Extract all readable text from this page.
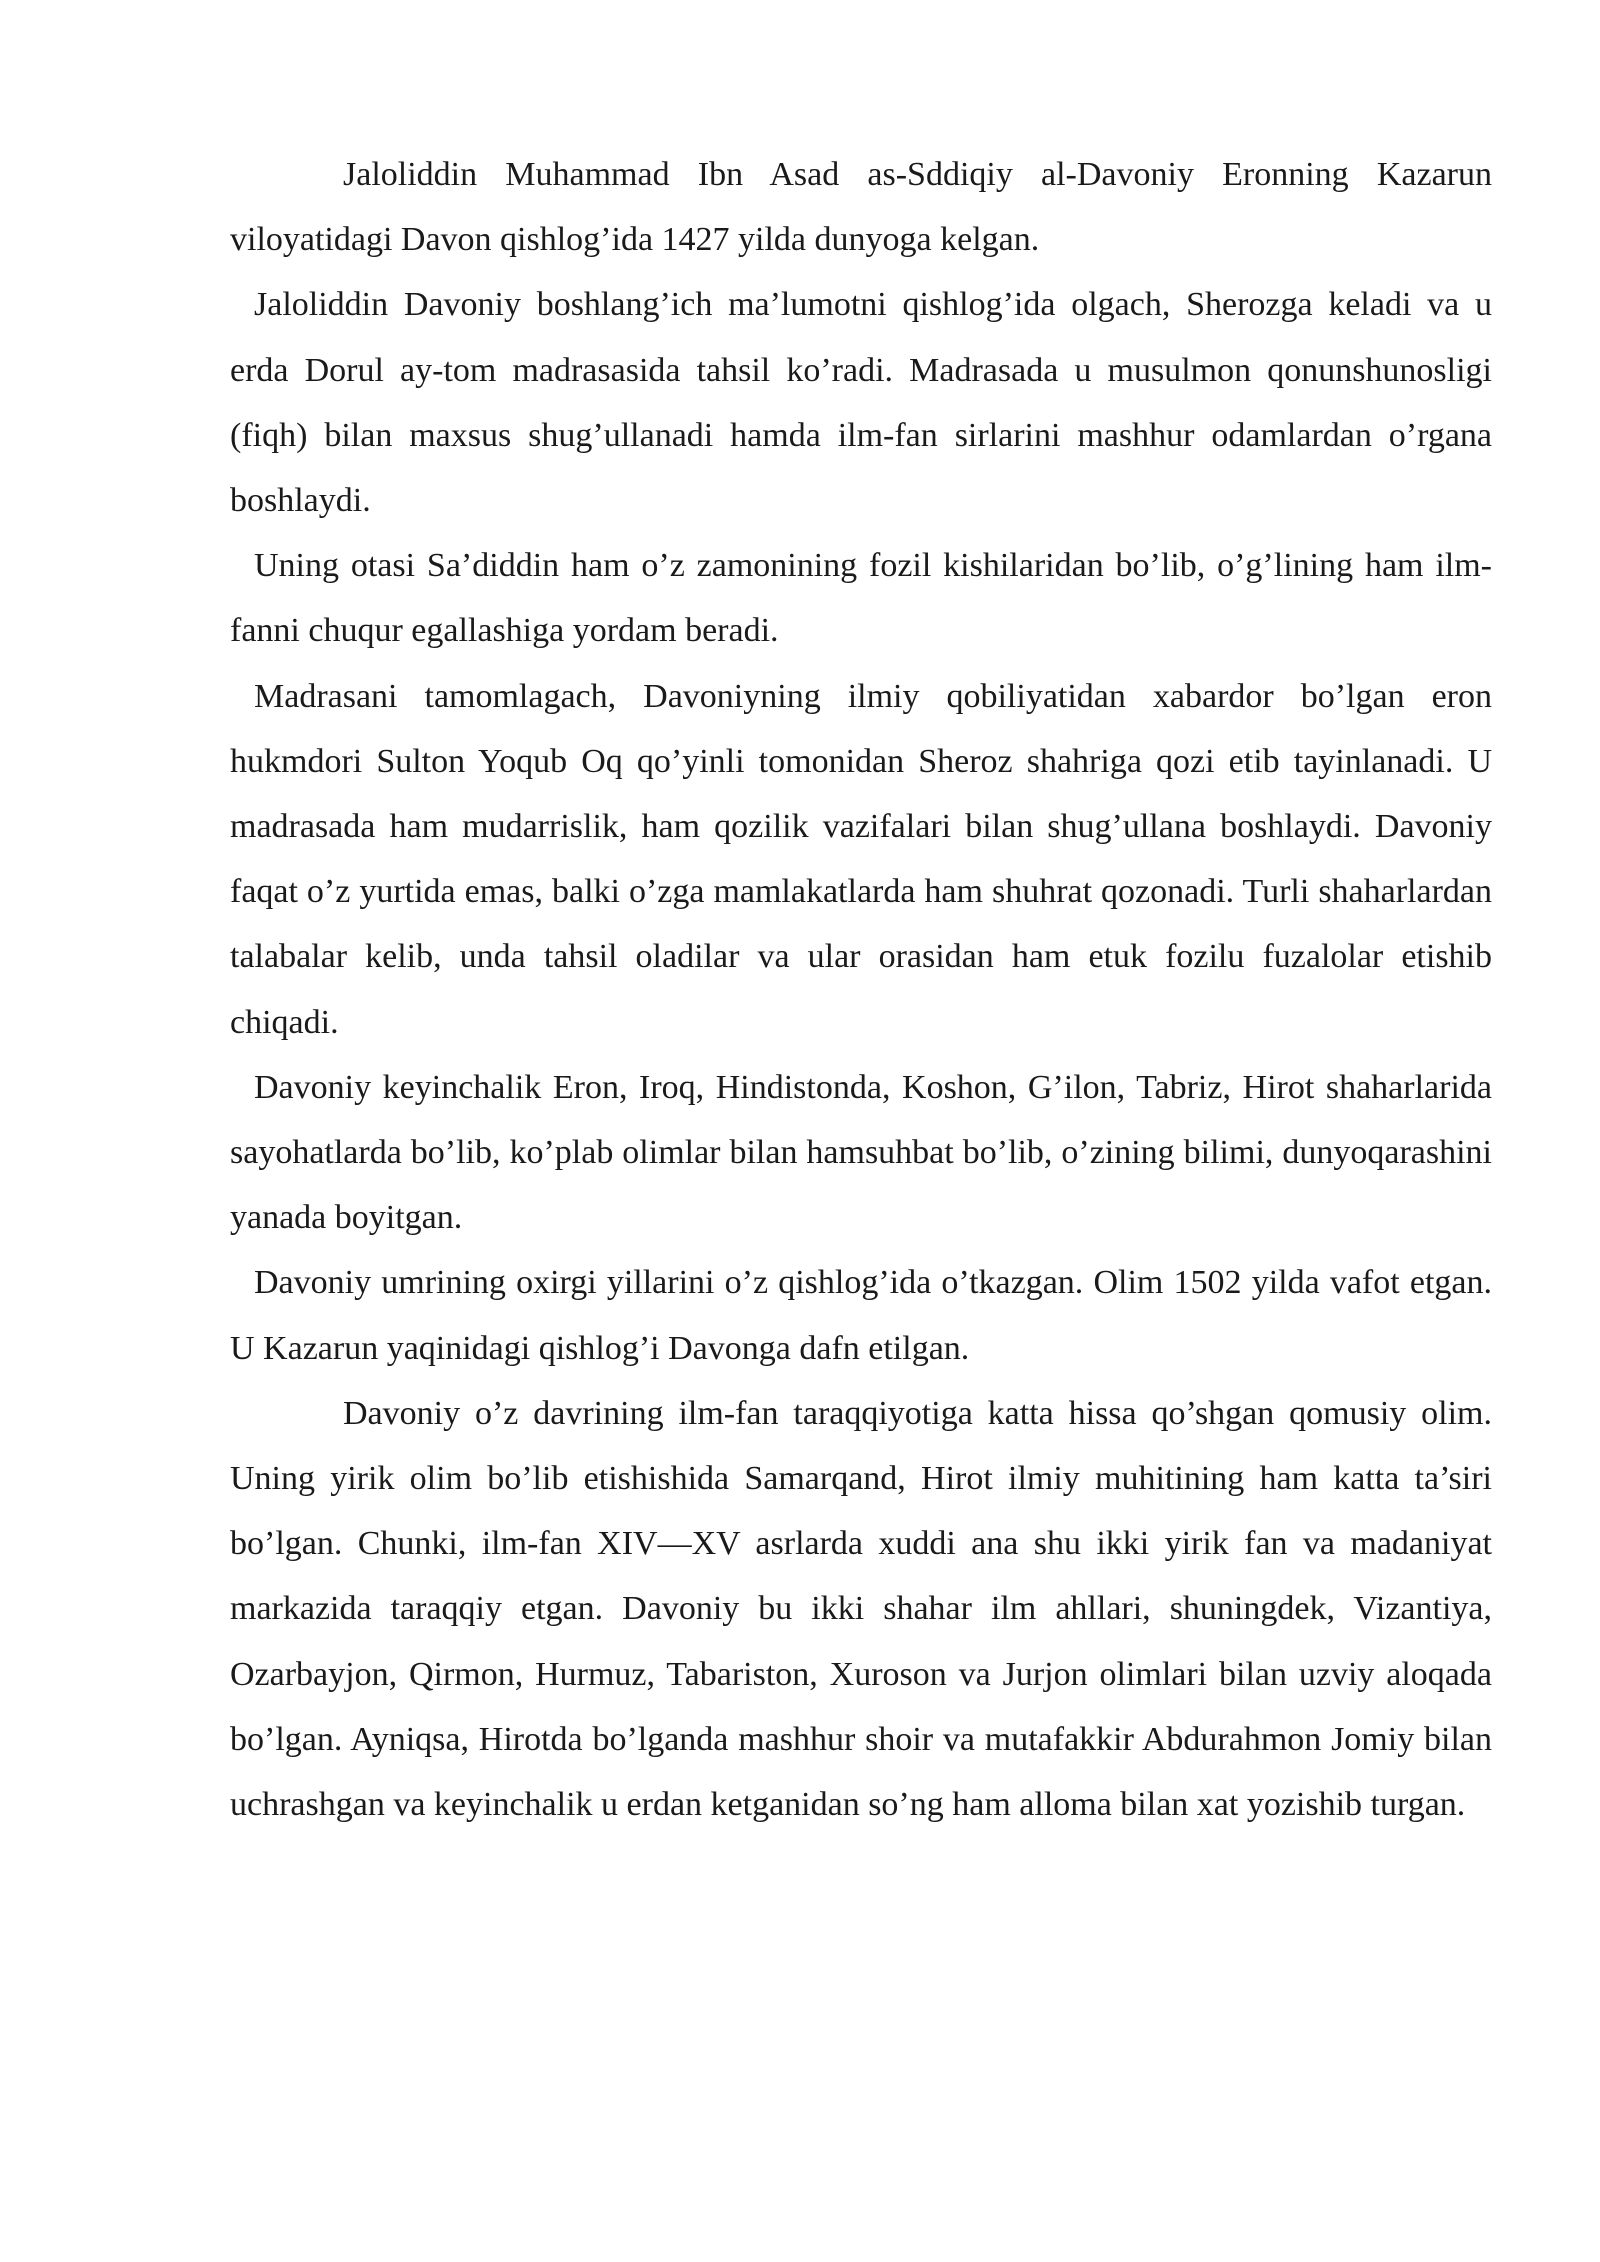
Jaloliddin Muhammad Ibn Asad as-Sddiqiy al-Davoniy Eronning Kazarun viloyatidagi Davon qishlog’ida 1427 yilda dunyoga kelgan.

Jaloliddin Davoniy boshlang’ich ma’lumotni qishlog’ida olgach, Sherozga keladi va u erda Dorul ay-tom madrasasida tahsil ko’radi. Madrasada u musulmon qonunshunosligi (fiqh) bilan maxsus shug’ullanadi hamda ilm-fan sirlarini mashhur odamlardan o’rgana boshlaydi.

Uning otasi Sa’diddin ham o’z zamonining fozil kishilaridan bo’lib, o’g’lining ham ilm-fanni chuqur egallashiga yordam beradi.

Madrasani tamomlagach, Davoniyning ilmiy qobiliyatidan xabardor bo’lgan eron hukmdori Sulton Yoqub Oq qo’yinli tomonidan Sheroz shahriga qozi etib tayinlanadi. U madrasada ham mudarrislik, ham qozilik vazifalari bilan shug’ullana boshlaydi. Davoniy faqat o’z yurtida emas, balki o’zga mamlakatlarda ham shuhrat qozonadi. Turli shaharlardan talabalar kelib, unda tahsil oladilar va ular orasidan ham etuk fozilu fuzalolar etishib chiqadi.

Davoniy keyinchalik Eron, Iroq, Hindistonda, Koshon, G’ilon, Tabriz, Hirot shaharlarida sayohatlarda bo’lib, ko’plab olimlar bilan hamsuhbat bo’lib, o’zining bilimi, dunyoqarashini yanada boyitgan.

Davoniy umrining oxirgi yillarini o’z qishlog’ida o’tkazgan. Olim 1502 yilda vafot etgan. U Kazarun yaqinidagi qishlog’i Davonga dafn etilgan.

Davoniy o’z davrining ilm-fan taraqqiyotiga katta hissa qo’shgan qomusiy olim. Uning yirik olim bo’lib etishishida Samarqand, Hirot ilmiy muhitining ham katta ta’siri bo’lgan. Chunki, ilm-fan XIV—XV asrlarda xuddi ana shu ikki yirik fan va madaniyat markazida taraqqiy etgan. Davoniy bu ikki shahar ilm ahllari, shuningdek, Vizantiya, Ozarbayjon, Qirmon, Hurmuz, Tabariston, Xuroson va Jurjon olimlari bilan uzviy aloqada bo’lgan. Ayniqsa, Hirotda bo’lganda mashhur shoir va mutafakkir Abdurahmon Jomiy bilan uchrashgan va keyinchalik u erdan ketganidan so’ng ham alloma bilan xat yozishib turgan.
